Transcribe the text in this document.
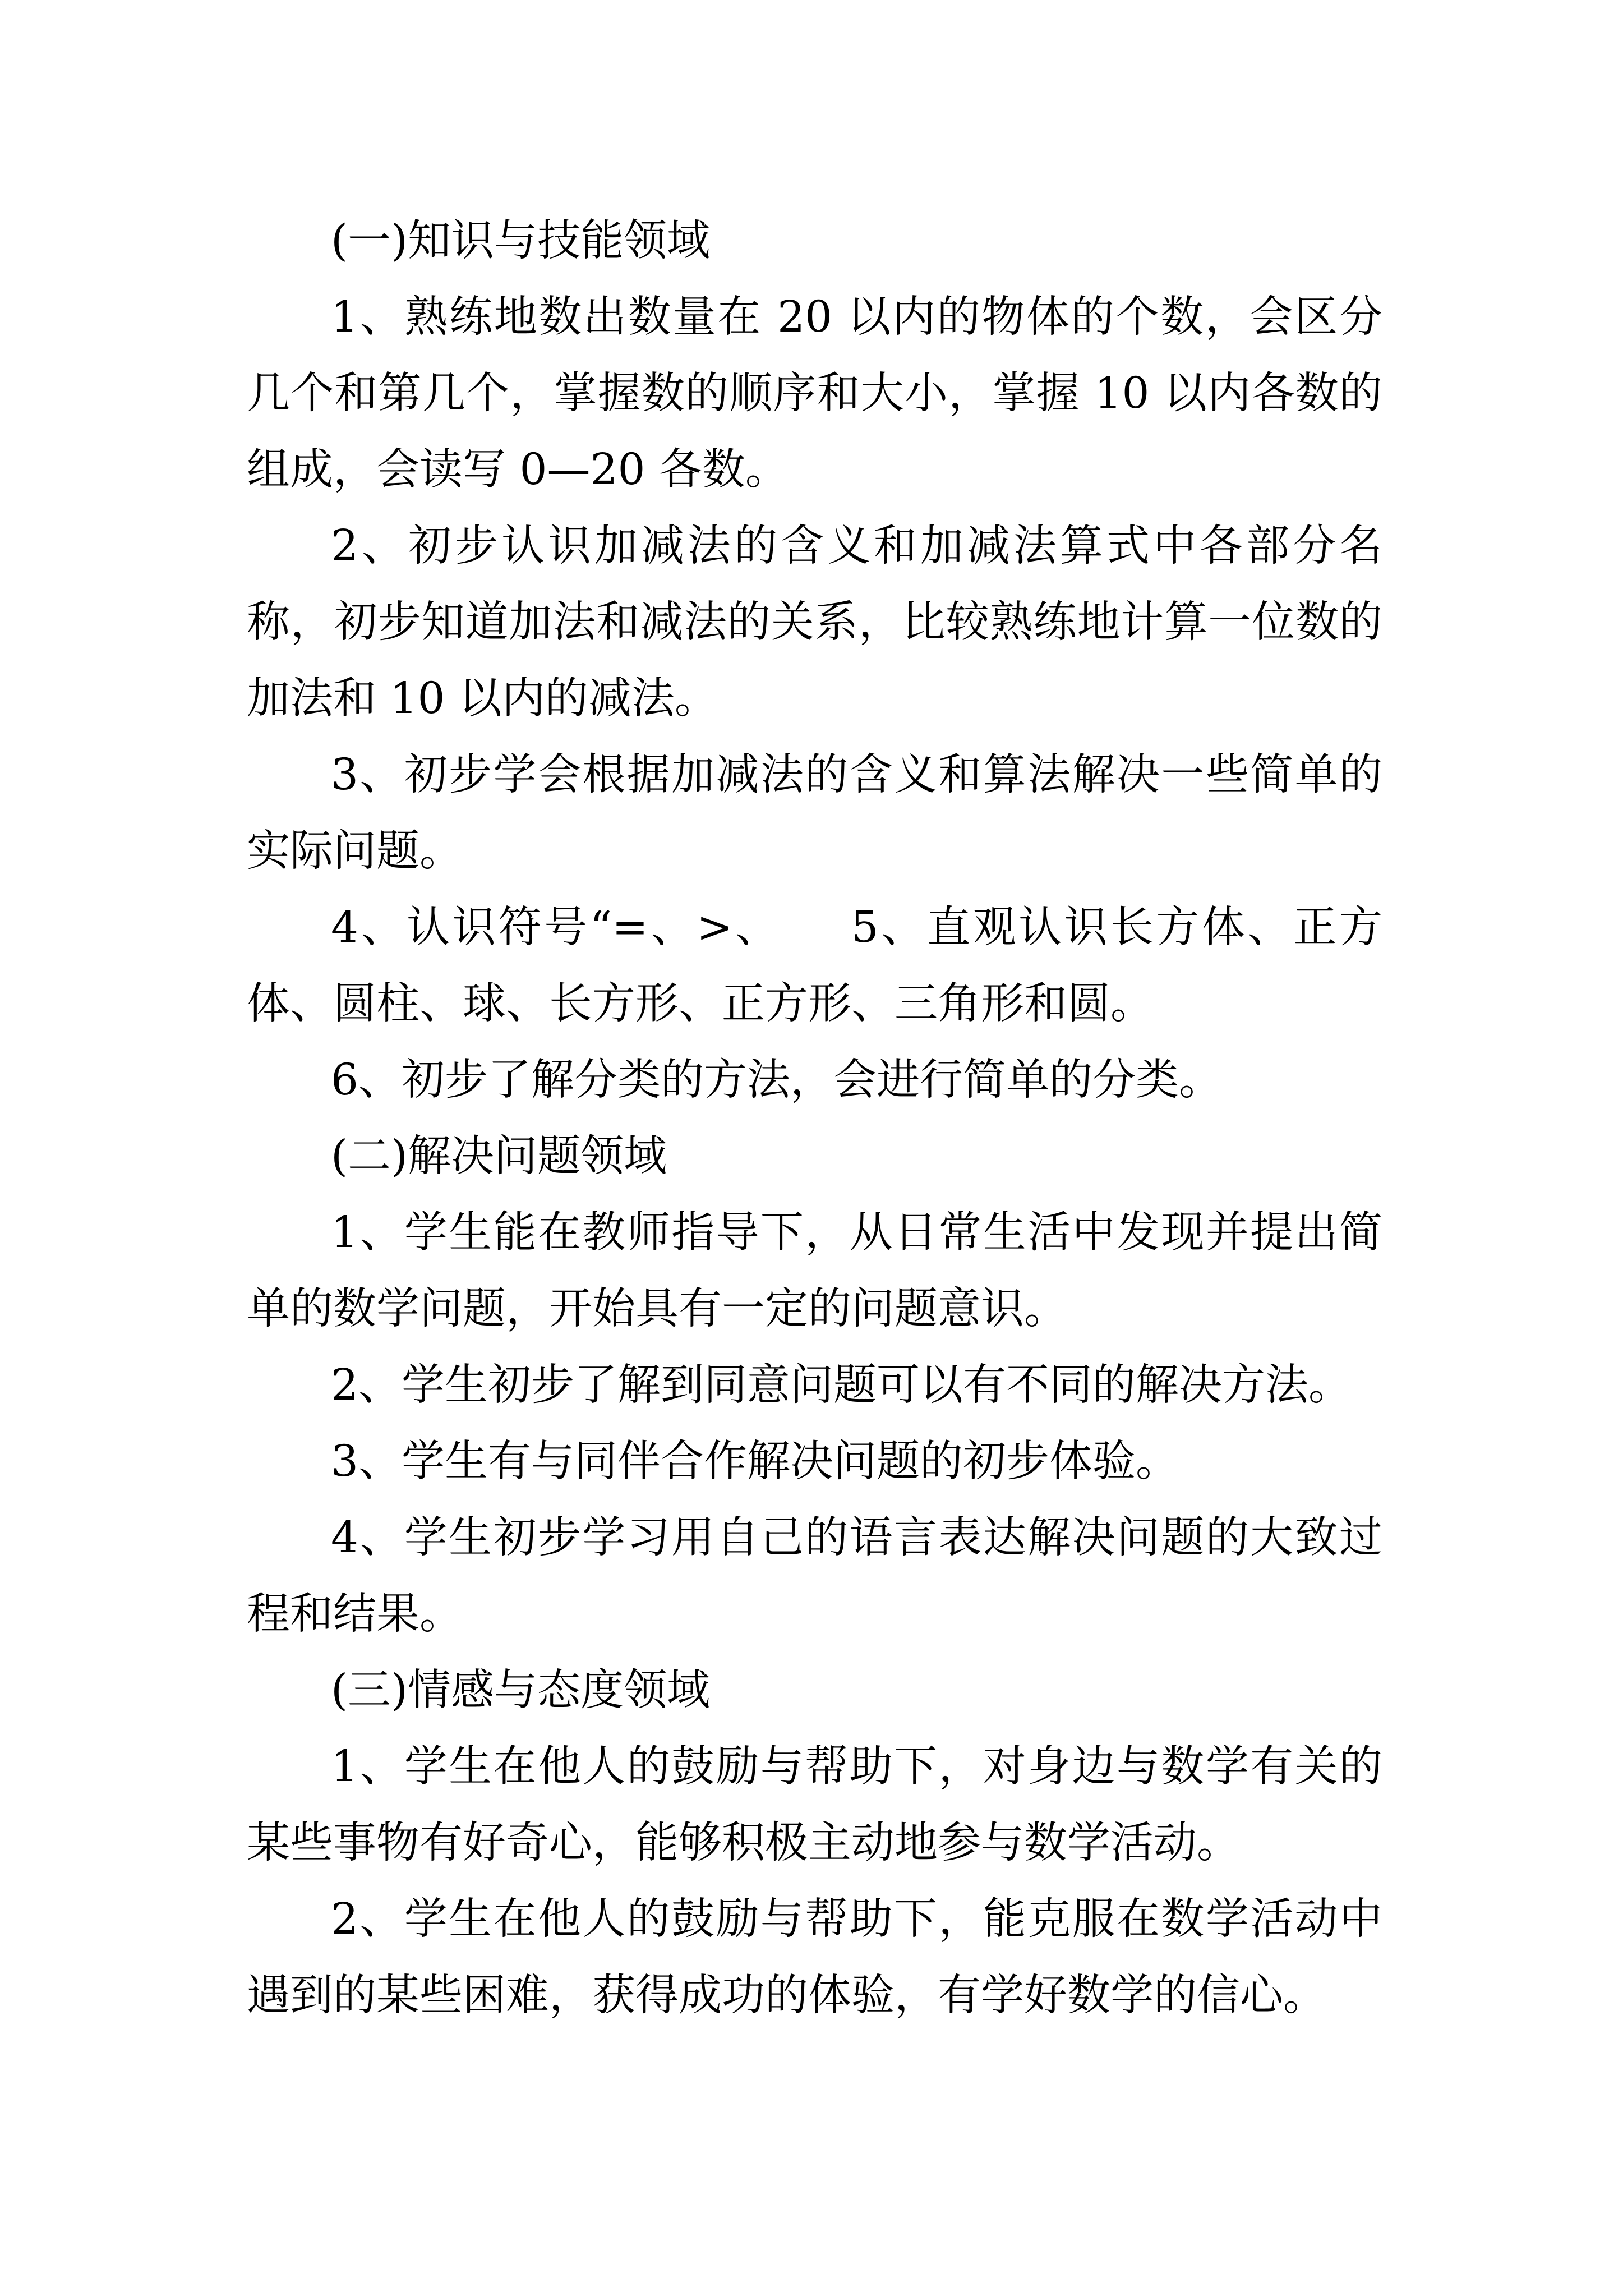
(一)知识与技能领域

1、熟练地数出数量在 20 以内的物体的个数，会区分几个和第几个，掌握数的顺序和大小，掌握 10 以内各数的组成，会读写 0—20 各数。

2、初步认识加减法的含义和加减法算式中各部分名称，初步知道加法和减法的关系，比较熟练地计算一位数的加法和 10 以内的减法。

3、初步学会根据加减法的含义和算法解决一些简单的实际问题。

4、认识符号“=、>、　　5、直观认识长方体、正方体、圆柱、球、长方形、正方形、三角形和圆。

6、初步了解分类的方法，会进行简单的分类。

(二)解决问题领域

1、学生能在教师指导下，从日常生活中发现并提出简单的数学问题，开始具有一定的问题意识。

2、学生初步了解到同意问题可以有不同的解决方法。

3、学生有与同伴合作解决问题的初步体验。

4、学生初步学习用自己的语言表达解决问题的大致过程和结果。

(三)情感与态度领域

1、学生在他人的鼓励与帮助下，对身边与数学有关的某些事物有好奇心，能够积极主动地参与数学活动。

2、学生在他人的鼓励与帮助下，能克服在数学活动中遇到的某些困难，获得成功的体验，有学好数学的信心。
